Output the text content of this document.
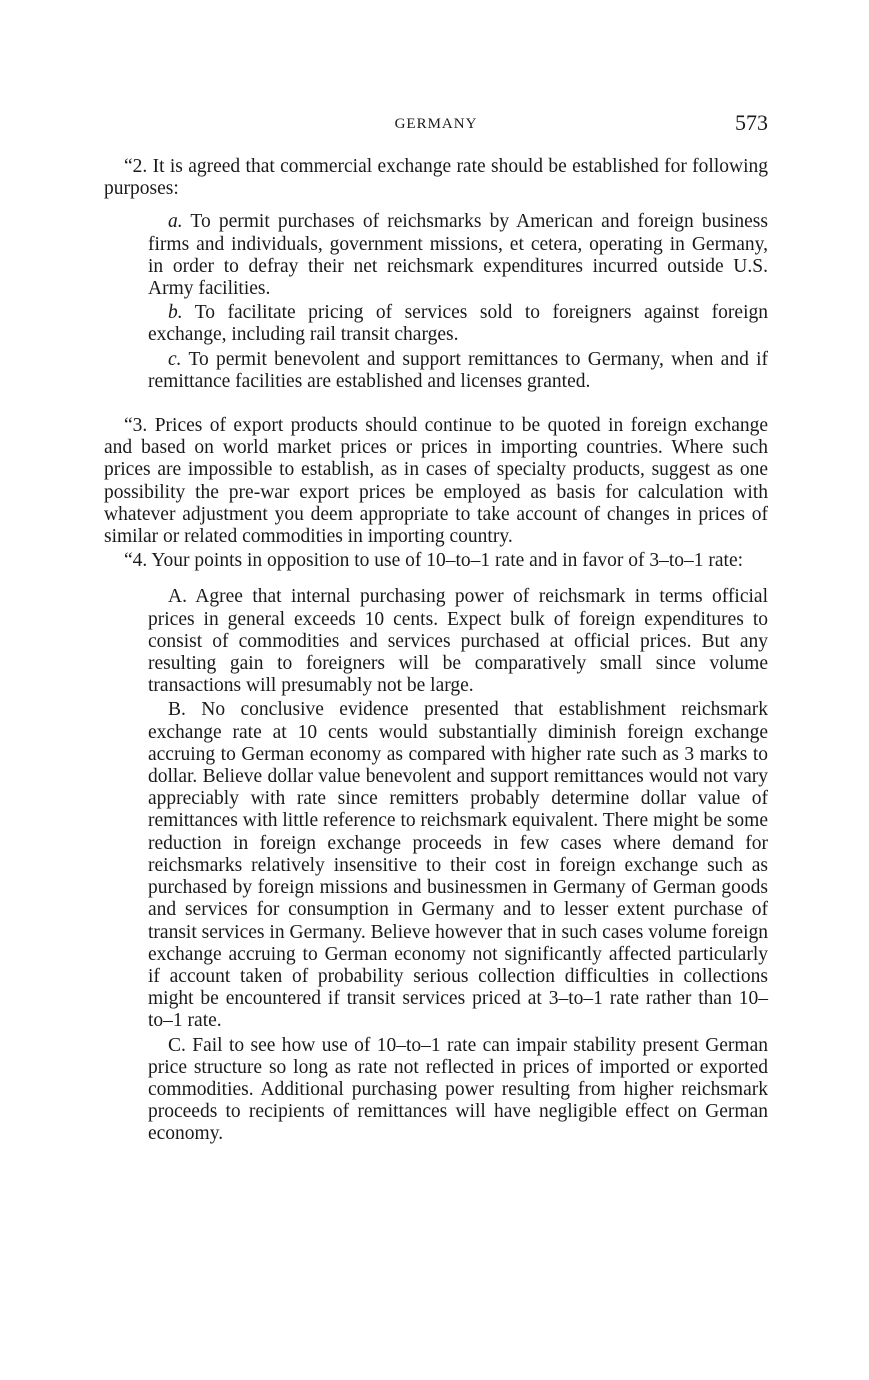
GERMANY	573

“2. It is agreed that commercial exchange rate should be established for following purposes:

a. To permit purchases of reichsmarks by American and foreign business firms and individuals, government missions, et cetera, operating in Germany, in order to defray their net reichsmark expenditures incurred outside U.S. Army facilities.

b. To facilitate pricing of services sold to foreigners against foreign exchange, including rail transit charges.

c. To permit benevolent and support remittances to Germany, when and if remittance facilities are established and licenses granted.

“3. Prices of export products should continue to be quoted in foreign exchange and based on world market prices or prices in importing countries. Where such prices are impossible to establish, as in cases of specialty products, suggest as one possibility the pre-war export prices be employed as basis for calculation with whatever adjustment you deem appropriate to take account of changes in prices of similar or related commodities in importing country.

“4. Your points in opposition to use of 10–to–1 rate and in favor of 3–to–1 rate:

A. Agree that internal purchasing power of reichsmark in terms official prices in general exceeds 10 cents. Expect bulk of foreign expenditures to consist of commodities and services purchased at official prices. But any resulting gain to foreigners will be comparatively small since volume transactions will presumably not be large.

B. No conclusive evidence presented that establishment reichsmark exchange rate at 10 cents would substantially diminish foreign exchange accruing to German economy as compared with higher rate such as 3 marks to dollar. Believe dollar value benevolent and support remittances would not vary appreciably with rate since remitters probably determine dollar value of remittances with little reference to reichsmark equivalent. There might be some reduction in foreign exchange proceeds in few cases where demand for reichsmarks relatively insensitive to their cost in foreign exchange such as purchased by foreign missions and businessmen in Germany of German goods and services for consumption in Germany and to lesser extent purchase of transit services in Germany. Believe however that in such cases volume foreign exchange accruing to German economy not significantly affected particularly if account taken of probability serious collection difficulties in collections might be encountered if transit services priced at 3–to–1 rate rather than 10–to–1 rate.

C. Fail to see how use of 10–to–1 rate can impair stability present German price structure so long as rate not reflected in prices of imported or exported commodities. Additional purchasing power resulting from higher reichsmark proceeds to recipients of remittances will have negligible effect on German economy.
